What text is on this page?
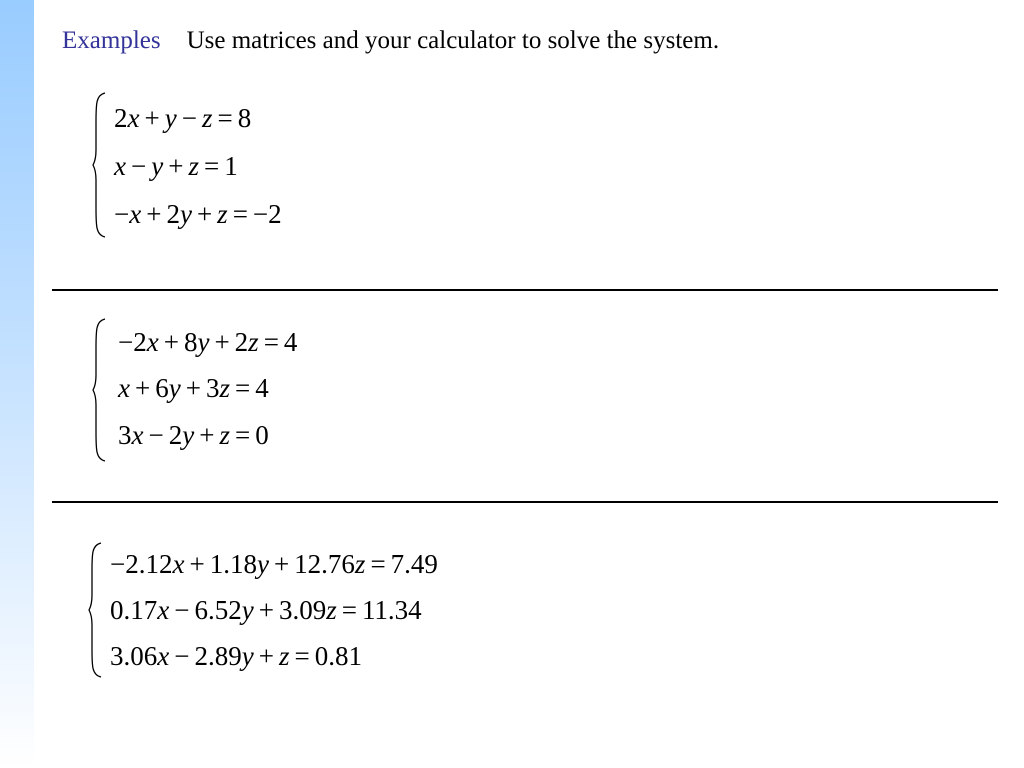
Examples Use matrices and your calculator to solve the system.
2x + y − z = 8
x − y + z = 1
−x + 2y + z = −2
−2x + 8y + 2z = 4
x + 6y + 3z = 4
3x − 2y + z = 0
−2.12x + 1.18y + 12.76z = 7.49
0.17x − 6.52y + 3.09z = 11.34
3.06x − 2.89y + z = 0.81
